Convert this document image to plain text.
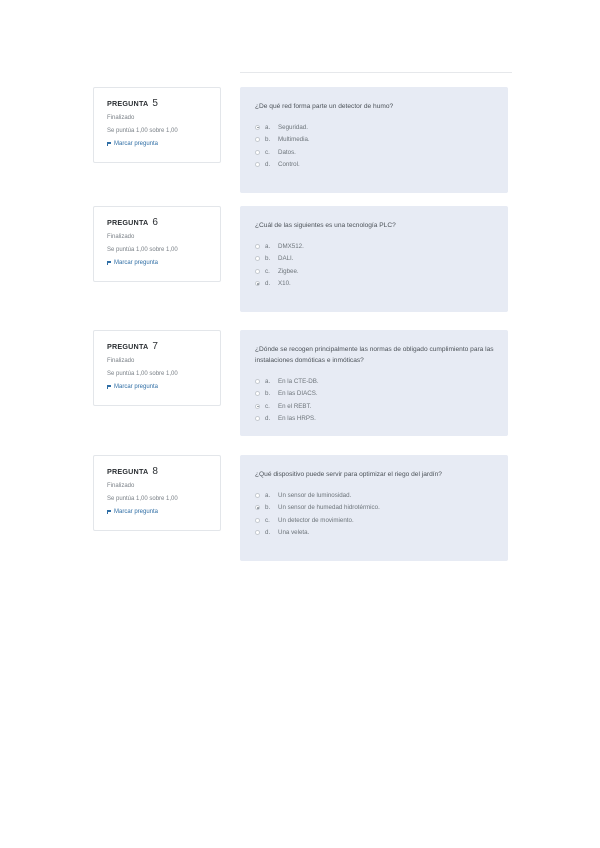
PREGUNTA 5
Finalizado
Se puntúa 1,00 sobre 1,00
Marcar pregunta
¿De qué red forma parte un detector de humo?
a.	Seguridad.
b.	Multimedia.
c.	Datos.
d.	Control.
PREGUNTA 6
Finalizado
Se puntúa 1,00 sobre 1,00
Marcar pregunta
¿Cuál de las siguientes es una tecnología PLC?
a.	DMX512.
b.	DALI.
c.	Zigbee.
d.	X10.
PREGUNTA 7
Finalizado
Se puntúa 1,00 sobre 1,00
Marcar pregunta
¿Dónde se recogen principalmente las normas de obligado cumplimiento para las instalaciones domóticas e inmóticas?
a.	En la CTE-DB.
b.	En las DIACS.
c.	En el REBT.
d.	En las HRPS.
PREGUNTA 8
Finalizado
Se puntúa 1,00 sobre 1,00
Marcar pregunta
¿Qué dispositivo puede servir para optimizar el riego del jardín?
a.	Un sensor de luminosidad.
b.	Un sensor de humedad hidrotérmico.
c.	Un detector de movimiento.
d.	Una veleta.
